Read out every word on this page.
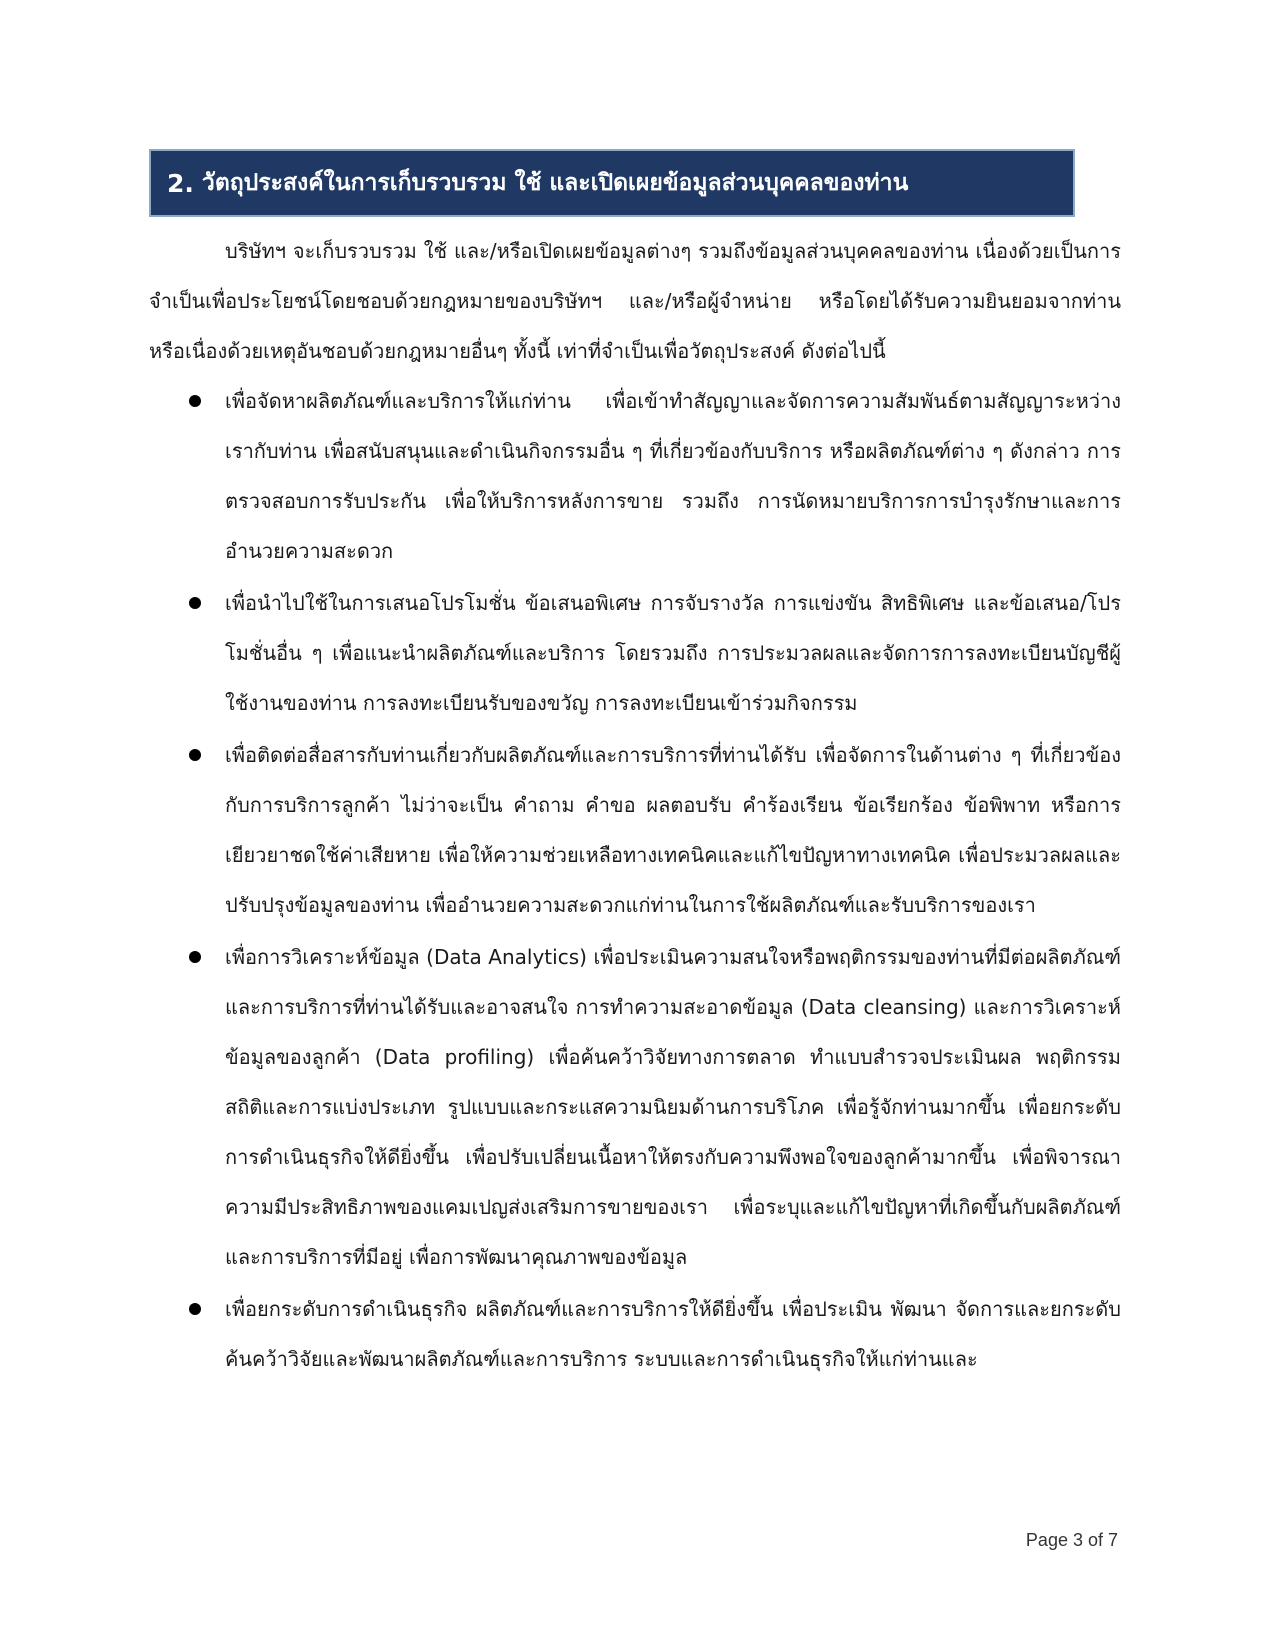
2. วัตถุประสงค์ในการเก็บรวบรวม ใช้ และเปิดเผยข้อมูลส่วนบุคคลของท่าน

บริษัทฯ จะเก็บรวบรวม ใช้ และ/หรือเปิดเผยข้อมูลต่างๆ รวมถึงข้อมูลส่วนบุคคลของท่าน เนื่องด้วยเป็นการจำเป็นเพื่อประโยชน์โดยชอบด้วยกฎหมายของบริษัทฯ และ/หรือผู้จำหน่าย หรือโดยได้รับความยินยอมจากท่าน หรือเนื่องด้วยเหตุอันชอบด้วยกฎหมายอื่นๆ ทั้งนี้ เท่าที่จำเป็นเพื่อวัตถุประสงค์ ดังต่อไปนี้

เพื่อจัดหาผลิตภัณฑ์และบริการให้แก่ท่าน เพื่อเข้าทำสัญญาและจัดการความสัมพันธ์ตามสัญญาระหว่างเรากับท่าน เพื่อสนับสนุนและดำเนินกิจกรรมอื่น ๆ ที่เกี่ยวข้องกับบริการ หรือผลิตภัณฑ์ต่าง ๆ ดังกล่าว การตรวจสอบการรับประกัน เพื่อให้บริการหลังการขาย รวมถึง การนัดหมายบริการการบำรุงรักษาและการอำนวยความสะดวก
เพื่อนำไปใช้ในการเสนอโปรโมชั่น ข้อเสนอพิเศษ การจับรางวัล การแข่งขัน สิทธิพิเศษ และข้อเสนอ/โปรโมชั่นอื่น ๆ เพื่อแนะนำผลิตภัณฑ์และบริการ โดยรวมถึง การประมวลผลและจัดการการลงทะเบียนบัญชีผู้ใช้งานของท่าน การลงทะเบียนรับของขวัญ การลงทะเบียนเข้าร่วมกิจกรรม
เพื่อติดต่อสื่อสารกับท่านเกี่ยวกับผลิตภัณฑ์และการบริการที่ท่านได้รับ เพื่อจัดการในด้านต่าง ๆ ที่เกี่ยวข้องกับการบริการลูกค้า ไม่ว่าจะเป็น คำถาม คำขอ ผลตอบรับ คำร้องเรียน ข้อเรียกร้อง ข้อพิพาท หรือการเยียวยาชดใช้ค่าเสียหาย เพื่อให้ความช่วยเหลือทางเทคนิคและแก้ไขปัญหาทางเทคนิค เพื่อประมวลผลและปรับปรุงข้อมูลของท่าน เพื่ออำนวยความสะดวกแก่ท่านในการใช้ผลิตภัณฑ์และรับบริการของเรา
เพื่อการวิเคราะห์ข้อมูล (Data Analytics) เพื่อประเมินความสนใจหรือพฤติกรรมของท่านที่มีต่อผลิตภัณฑ์และการบริการที่ท่านได้รับและอาจสนใจ การทำความสะอาดข้อมูล (Data cleansing) และการวิเคราะห์ข้อมูลของลูกค้า (Data profiling) เพื่อค้นคว้าวิจัยทางการตลาด ทำแบบสำรวจประเมินผล พฤติกรรม สถิติและการแบ่งประเภท รูปแบบและกระแสความนิยมด้านการบริโภค เพื่อรู้จักท่านมากขึ้น เพื่อยกระดับการดำเนินธุรกิจให้ดียิ่งขึ้น เพื่อปรับเปลี่ยนเนื้อหาให้ตรงกับความพึงพอใจของลูกค้ามากขึ้น เพื่อพิจารณาความมีประสิทธิภาพของแคมเปญส่งเสริมการขายของเรา เพื่อระบุและแก้ไขปัญหาที่เกิดขึ้นกับผลิตภัณฑ์และการบริการที่มีอยู่ เพื่อการพัฒนาคุณภาพของข้อมูล
เพื่อยกระดับการดำเนินธุรกิจ ผลิตภัณฑ์และการบริการให้ดียิ่งขึ้น เพื่อประเมิน พัฒนา จัดการและยกระดับ ค้นคว้าวิจัยและพัฒนาผลิตภัณฑ์และการบริการ ระบบและการดำเนินธุรกิจให้แก่ท่านและ
Page 3 of 7
